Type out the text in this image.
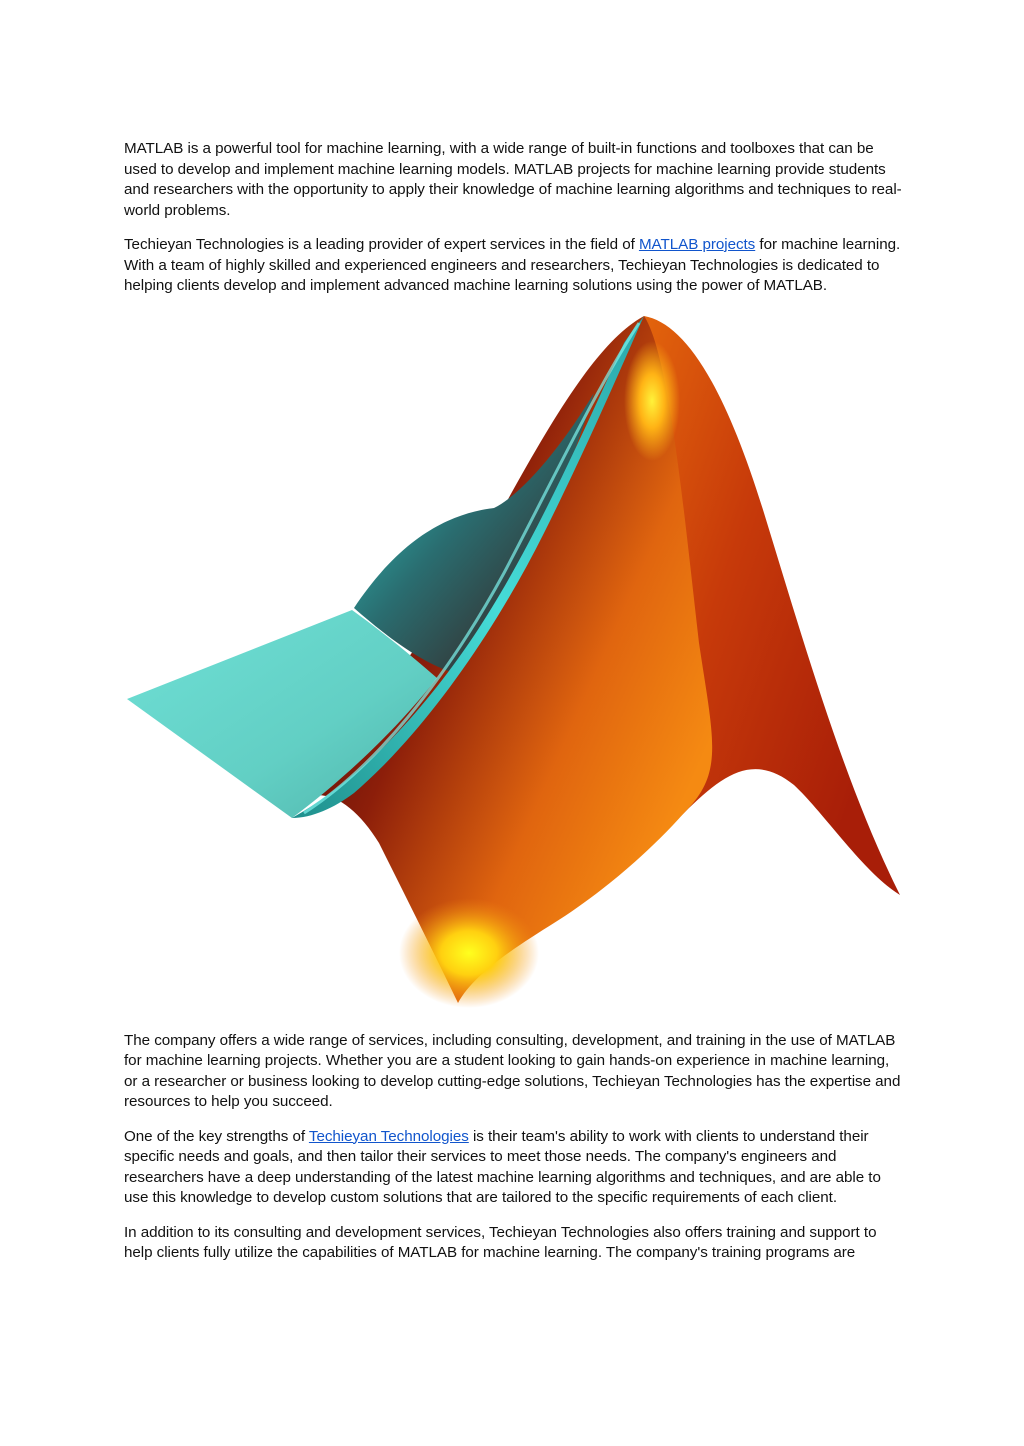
MATLAB is a powerful tool for machine learning, with a wide range of built-in functions and toolboxes that can be used to develop and implement machine learning models. MATLAB projects for machine learning provide students and researchers with the opportunity to apply their knowledge of machine learning algorithms and techniques to real-world problems.

Techieyan Technologies is a leading provider of expert services in the field of MATLAB projects for machine learning. With a team of highly skilled and experienced engineers and researchers, Techieyan Technologies is dedicated to helping clients develop and implement advanced machine learning solutions using the power of MATLAB.

The company offers a wide range of services, including consulting, development, and training in the use of MATLAB for machine learning projects. Whether you are a student looking to gain hands-on experience in machine learning, or a researcher or business looking to develop cutting-edge solutions, Techieyan Technologies has the expertise and resources to help you succeed.

One of the key strengths of Techieyan Technologies is their team's ability to work with clients to understand their specific needs and goals, and then tailor their services to meet those needs. The company's engineers and researchers have a deep understanding of the latest machine learning algorithms and techniques, and are able to use this knowledge to develop custom solutions that are tailored to the specific requirements of each client.

In addition to its consulting and development services, Techieyan Technologies also offers training and support to help clients fully utilize the capabilities of MATLAB for machine learning. The company's training programs are
